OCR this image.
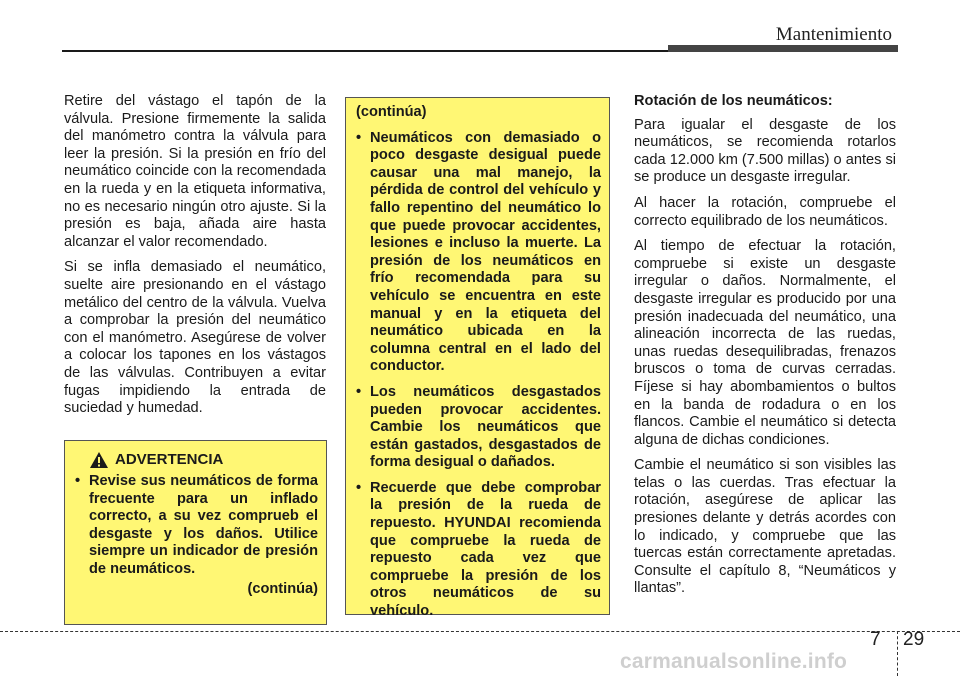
Mantenimiento

Retire del vástago el tapón de la válvula. Presione firmemente la salida del manómetro contra la válvula para leer la presión. Si la presión en frío del neumático coincide con la recomendada en la rueda y en la etiqueta informativa, no es necesario ningún otro ajuste. Si la presión es baja, añada aire hasta alcanzar el valor recomendado.

Si se infla demasiado el neumático, suelte aire presionando en el vástago metálico del centro de la válvula. Vuelva a comprobar la presión del neumático con el manómetro. Asegúrese de volver a colocar los tapones en los vástagos de las válvulas. Contribuyen a evitar fugas impidiendo la entrada de suciedad y humedad.

ADVERTENCIA
• Revise sus neumáticos de forma frecuente para un inflado correcto, a su vez comprueb el desgaste y los daños. Utilice siempre un indicador de presión de neumáticos.
(continúa)
(continúa)
• Neumáticos con demasiado o poco desgaste desigual puede causar una mal manejo, la pérdida de control del vehículo y fallo repentino del neumático lo que puede provocar accidentes, lesiones e incluso la muerte. La presión de los neumáticos en frío recomendada para su vehículo se encuentra en este manual y en la etiqueta del neumático ubicada en la columna central en el lado del conductor.
• Los neumáticos desgastados pueden provocar accidentes. Cambie los neumáticos que están gastados, desgastados de forma desigual o dañados.
• Recuerde que debe comprobar la presión de la rueda de repuesto. HYUNDAI recomienda que compruebe la rueda de repuesto cada vez que compruebe la presión de los otros neumáticos de su vehículo.
Rotación de los neumáticos:

Para igualar el desgaste de los neumáticos, se recomienda rotarlos cada 12.000 km (7.500 millas) o antes si se produce un desgaste irregular.

Al hacer la rotación, compruebe el correcto equilibrado de los neumáticos.

Al tiempo de efectuar la rotación, compruebe si existe un desgaste irregular o daños. Normalmente, el desgaste irregular es producido por una presión inadecuada del neumático, una alineación incorrecta de las ruedas, unas ruedas desequilibradas, frenazos bruscos o toma de curvas cerradas. Fíjese si hay abombamientos o bultos en la banda de rodadura o en los flancos. Cambie el neumático si detecta alguna de dichas condiciones.

Cambie el neumático si son visibles las telas o las cuerdas. Tras efectuar la rotación, asegúrese de aplicar las presiones delante y detrás acordes con lo indicado, y compruebe que las tuercas están correctamente apretadas. Consulte el capítulo 8, “Neumáticos y llantas”.

7 29
carmanualsonline.info
